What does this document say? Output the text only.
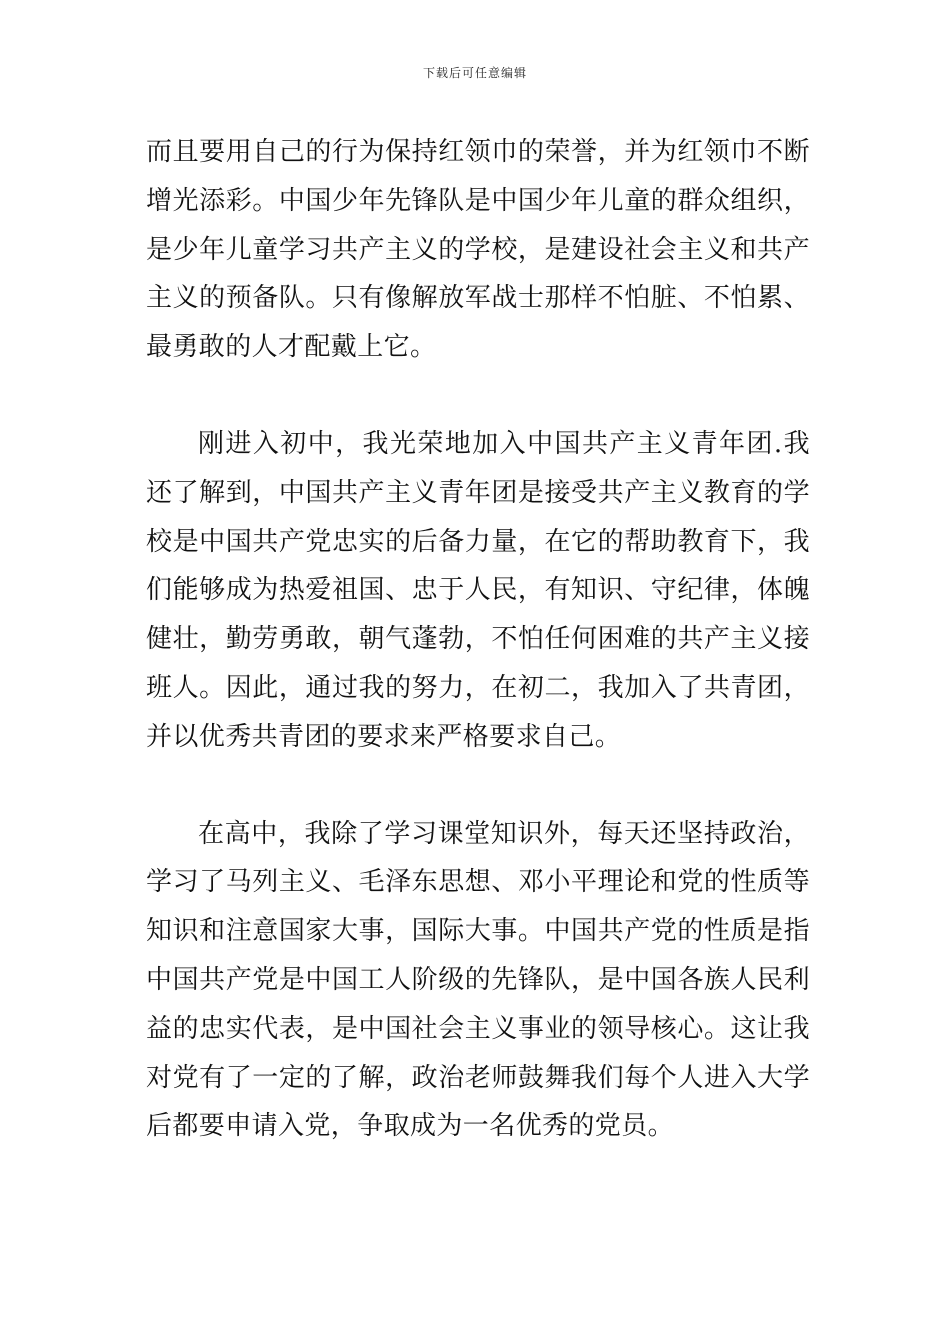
下载后可任意编辑

而且要用自己的行为保持红领巾的荣誉，并为红领巾不断增光添彩。中国少年先锋队是中国少年儿童的群众组织，是少年儿童学习共产主义的学校，是建设社会主义和共产主义的预备队。只有像解放军战士那样不怕脏、不怕累、最勇敢的人才配戴上它。

刚进入初中，我光荣地加入中国共产主义青年团.我还了解到，中国共产主义青年团是接受共产主义教育的学校是中国共产党忠实的后备力量，在它的帮助教育下，我们能够成为热爱祖国、忠于人民，有知识、守纪律，体魄健壮，勤劳勇敢，朝气蓬勃，不怕任何困难的共产主义接班人。因此，通过我的努力，在初二，我加入了共青团，并以优秀共青团的要求来严格要求自己。

在高中，我除了学习课堂知识外，每天还坚持政治，学习了马列主义、毛泽东思想、邓小平理论和党的性质等知识和注意国家大事，国际大事。中国共产党的性质是指中国共产党是中国工人阶级的先锋队，是中国各族人民利益的忠实代表，是中国社会主义事业的领导核心。这让我对党有了一定的了解，政治老师鼓舞我们每个人进入大学后都要申请入党，争取成为一名优秀的党员。
